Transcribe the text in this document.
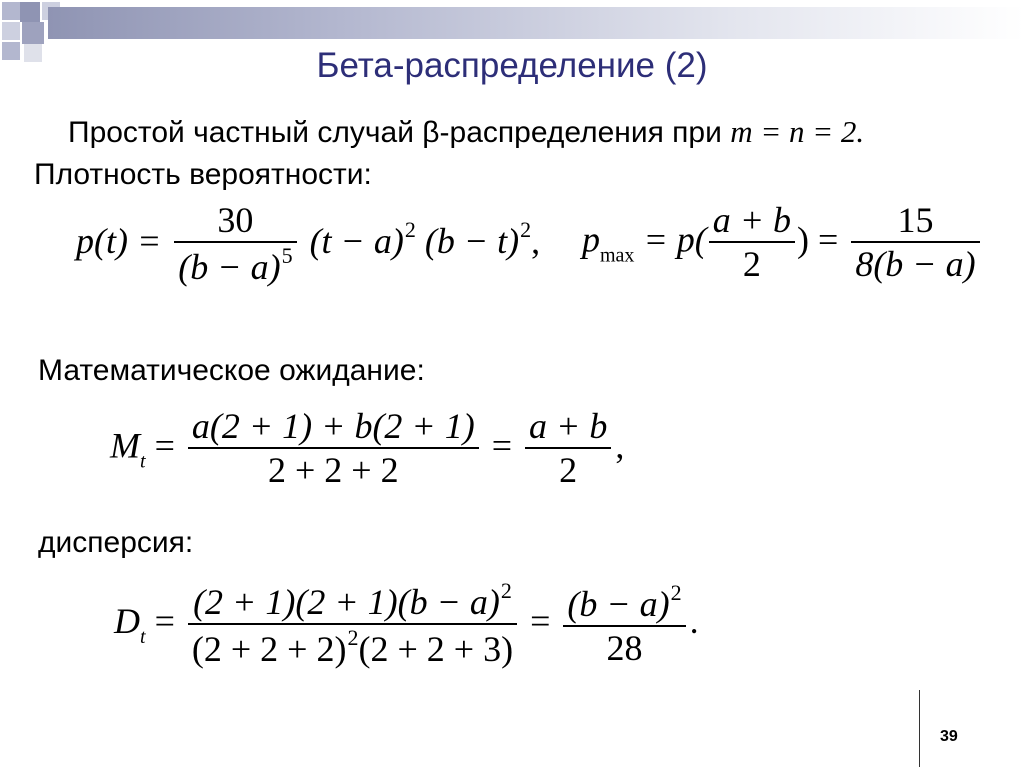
Бета-распределение (2)
Простой частный случай β-распределения при m = n = 2.
Плотность вероятности:
$p(t) = \frac{30}{(b - a)^5} (t - a)^2$ $(b - t)^2$, $p_{max} = p( \frac{a + b}{2}$ ) = $\frac{15}{8(b - a)}$
Математическое ожидание:
$M_t = \frac{a(2 + 1) + b(2 + 1)}{2 + 2 + 2} = \frac{a + b}{2}$ ,
дисперсия:
$D_t = \frac{(2 + 1)(2 + 1)(b - a)^2}{(2 + 2 + 2)^2(2 + 2 + 3)} = \frac{(b - a)^2}{28}$ .
39
